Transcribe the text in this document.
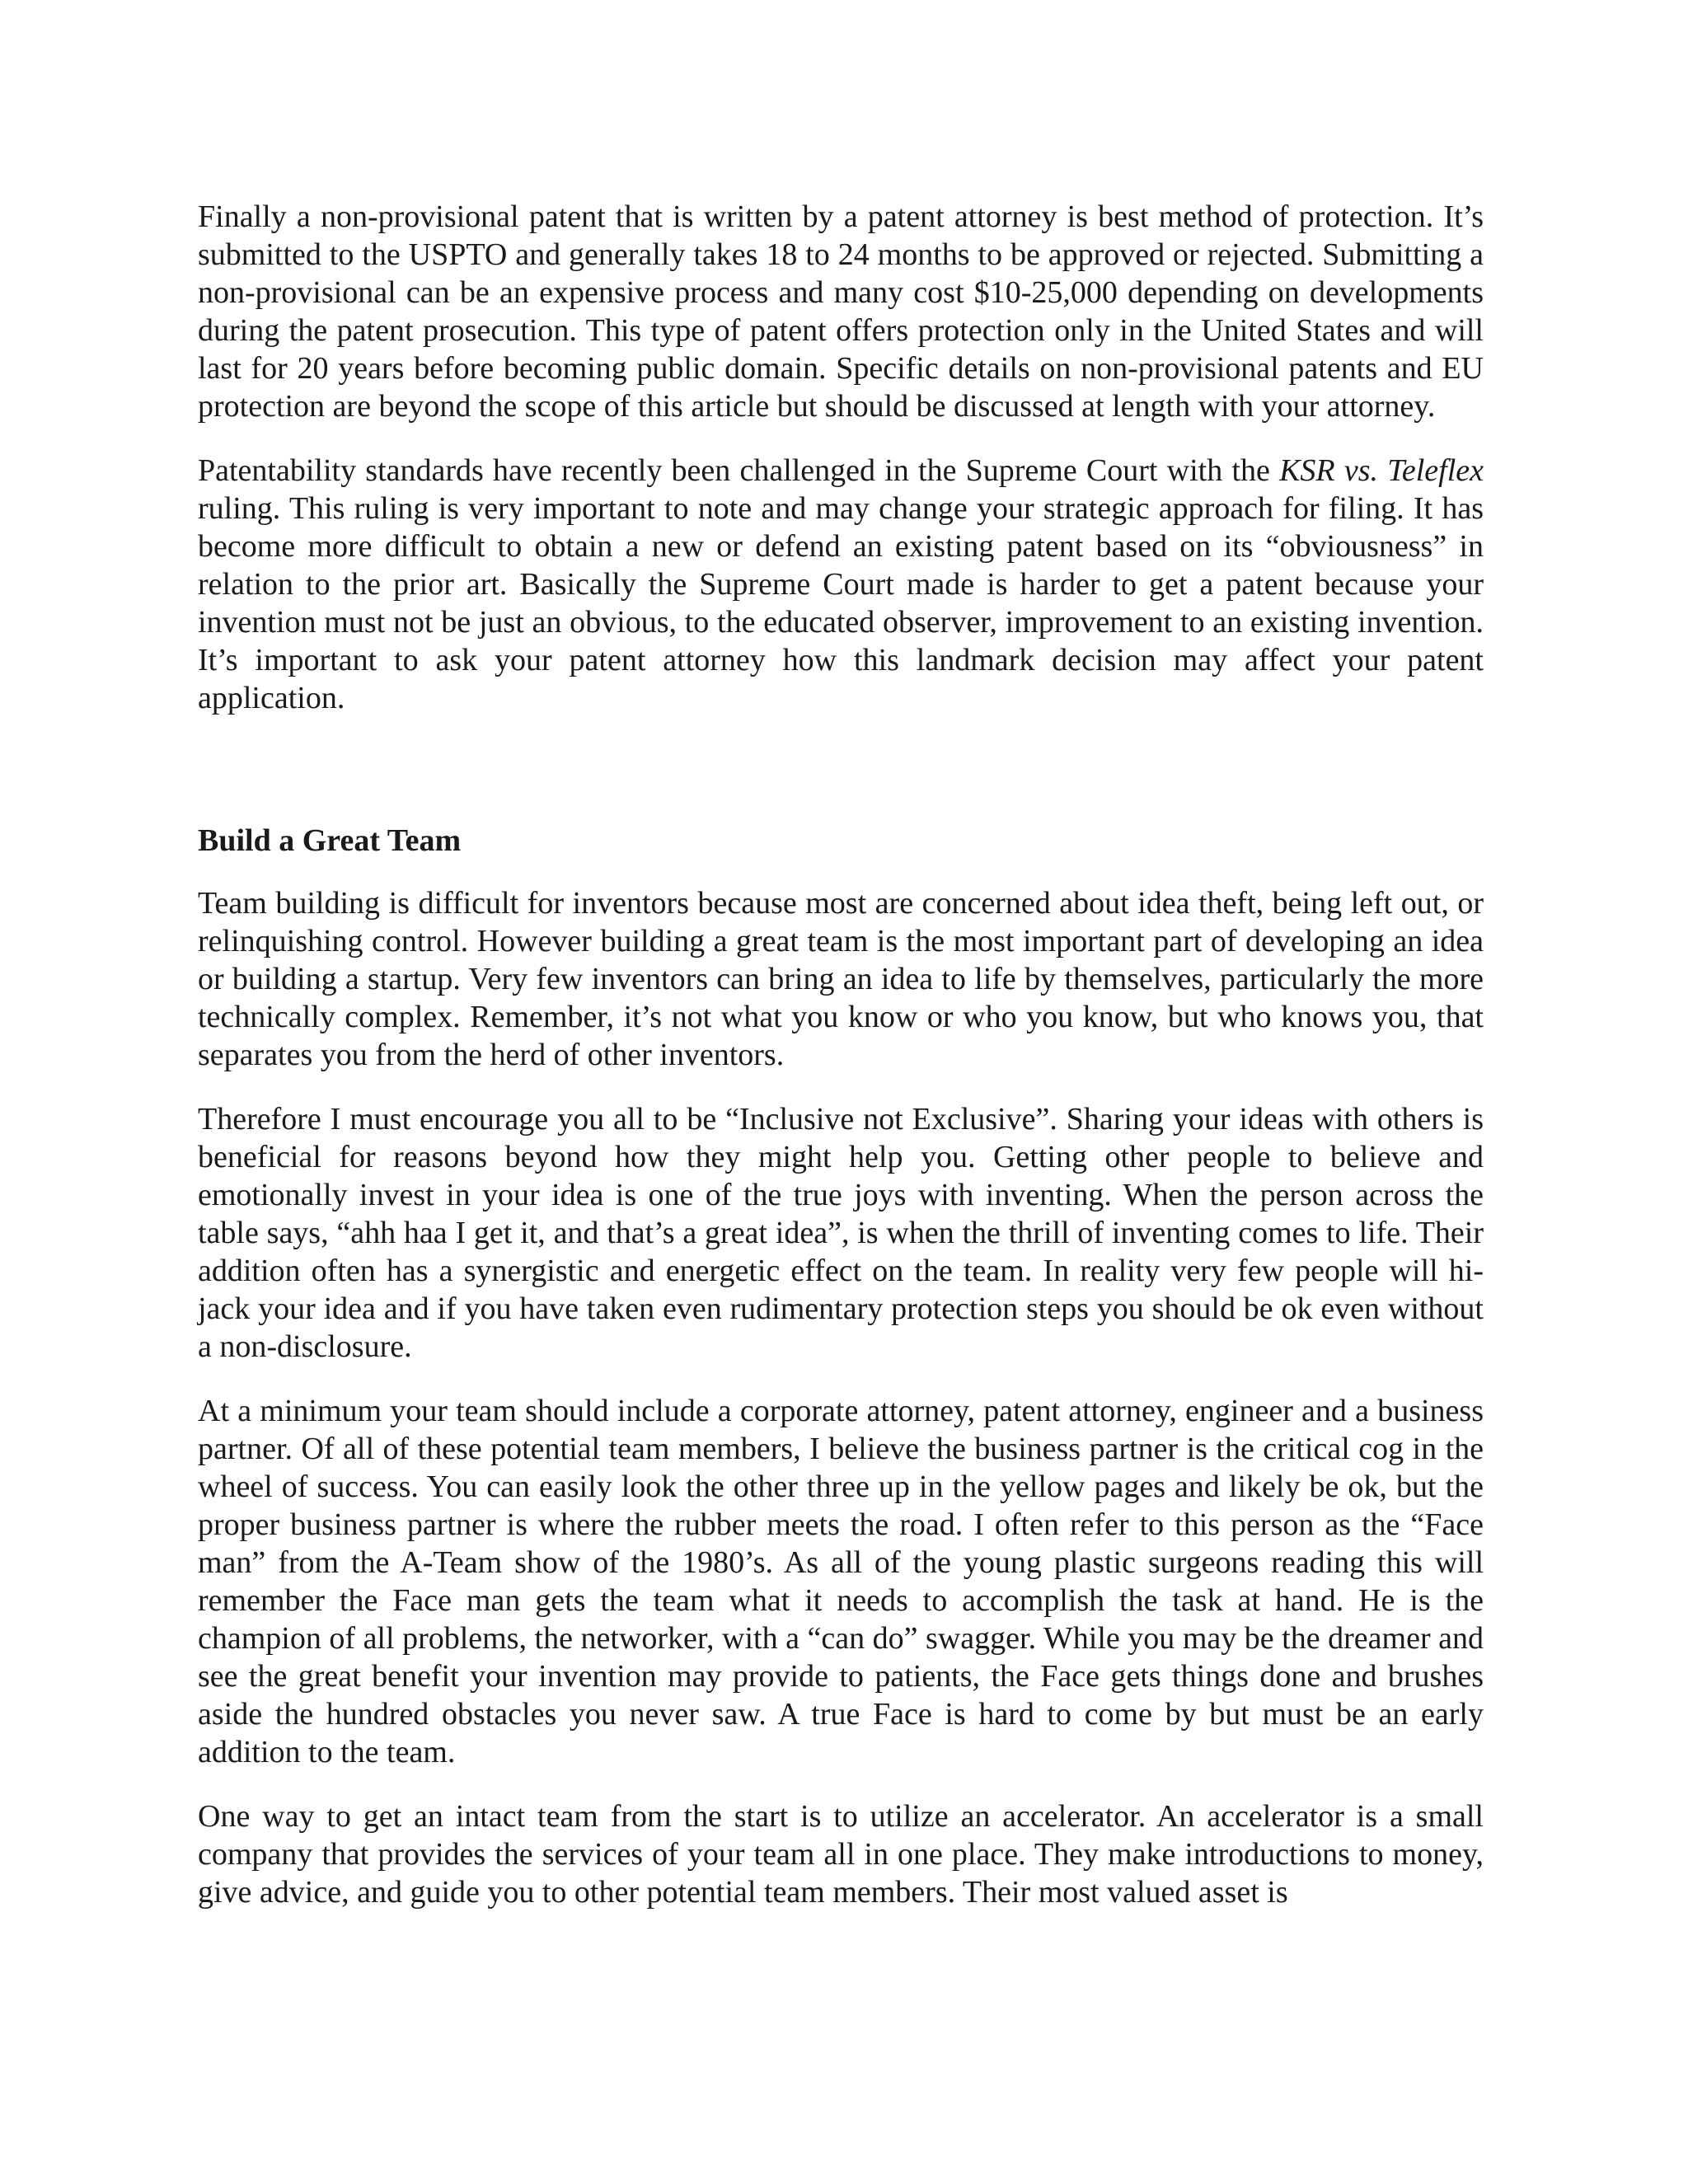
Finally a non-provisional patent that is written by a patent attorney is best method of protection. It’s submitted to the USPTO and generally takes 18 to 24 months to be approved or rejected. Submitting a non-provisional can be an expensive process and many cost $10-25,000 depending on developments during the patent prosecution. This type of patent offers protection only in the United States and will last for 20 years before becoming public domain. Specific details on non-provisional patents and EU protection are beyond the scope of this article but should be discussed at length with your attorney.

Patentability standards have recently been challenged in the Supreme Court with the KSR vs. Teleflex ruling. This ruling is very important to note and may change your strategic approach for filing. It has become more difficult to obtain a new or defend an existing patent based on its “obviousness” in relation to the prior art. Basically the Supreme Court made is harder to get a patent because your invention must not be just an obvious, to the educated observer, improvement to an existing invention. It’s important to ask your patent attorney how this landmark decision may affect your patent application.

Build a Great Team

Team building is difficult for inventors because most are concerned about idea theft, being left out, or relinquishing control. However building a great team is the most important part of developing an idea or building a startup. Very few inventors can bring an idea to life by themselves, particularly the more technically complex. Remember, it’s not what you know or who you know, but who knows you, that separates you from the herd of other inventors.

Therefore I must encourage you all to be “Inclusive not Exclusive”. Sharing your ideas with others is beneficial for reasons beyond how they might help you. Getting other people to believe and emotionally invest in your idea is one of the true joys with inventing. When the person across the table says, “ahh haa I get it, and that’s a great idea”, is when the thrill of inventing comes to life. Their addition often has a synergistic and energetic effect on the team. In reality very few people will hi-jack your idea and if you have taken even rudimentary protection steps you should be ok even without a non-disclosure.

At a minimum your team should include a corporate attorney, patent attorney, engineer and a business partner. Of all of these potential team members, I believe the business partner is the critical cog in the wheel of success. You can easily look the other three up in the yellow pages and likely be ok, but the proper business partner is where the rubber meets the road. I often refer to this person as the “Face man” from the A-Team show of the 1980’s. As all of the young plastic surgeons reading this will remember the Face man gets the team what it needs to accomplish the task at hand. He is the champion of all problems, the networker, with a “can do” swagger. While you may be the dreamer and see the great benefit your invention may provide to patients, the Face gets things done and brushes aside the hundred obstacles you never saw. A true Face is hard to come by but must be an early addition to the team.

One way to get an intact team from the start is to utilize an accelerator. An accelerator is a small company that provides the services of your team all in one place. They make introductions to money, give advice, and guide you to other potential team members. Their most valued asset is
